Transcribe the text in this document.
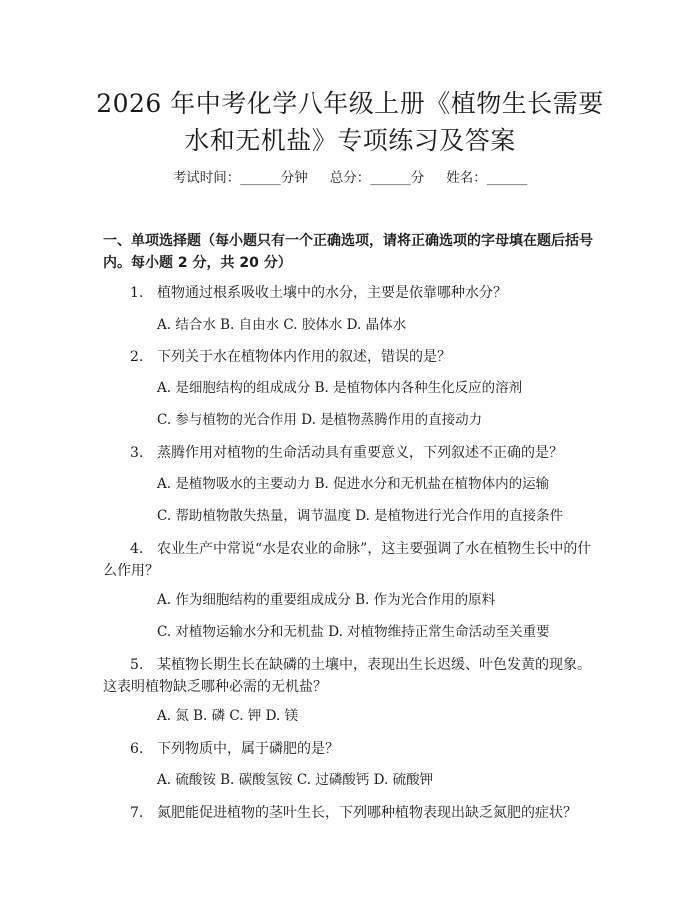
2026 年中考化学八年级上册《植物生长需要
水和无机盐》专项练习及答案
考试时间：______分钟 总分：______分 姓名：______
一、单项选择题（每小题只有一个正确选项，请将正确选项的字母填在题后括号内。每小题 2 分，共 20 分）
1. 植物通过根系吸收土壤中的水分，主要是依靠哪种水分？
A. 结合水 B. 自由水 C. 胶体水 D. 晶体水
2. 下列关于水在植物体内作用的叙述，错误的是？
A. 是细胞结构的组成成分 B. 是植物体内各种生化反应的溶剂
C. 参与植物的光合作用 D. 是植物蒸腾作用的直接动力
3. 蒸腾作用对植物的生命活动具有重要意义，下列叙述不正确的是？
A. 是植物吸水的主要动力 B. 促进水分和无机盐在植物体内的运输
C. 帮助植物散失热量，调节温度 D. 是植物进行光合作用的直接条件
4. 农业生产中常说“水是农业的命脉”，这主要强调了水在植物生长中的什么作用？
A. 作为细胞结构的重要组成成分 B. 作为光合作用的原料
C. 对植物运输水分和无机盐 D. 对植物维持正常生命活动至关重要
5. 某植物长期生长在缺磷的土壤中，表现出生长迟缓、叶色发黄的现象。这表明植物缺乏哪种必需的无机盐？
A. 氮 B. 磷 C. 钾 D. 镁
6. 下列物质中，属于磷肥的是？
A. 硫酸铵 B. 碳酸氢铵 C. 过磷酸钙 D. 硫酸钾
7. 氮肥能促进植物的茎叶生长，下列哪种植物表现出缺乏氮肥的症状？
